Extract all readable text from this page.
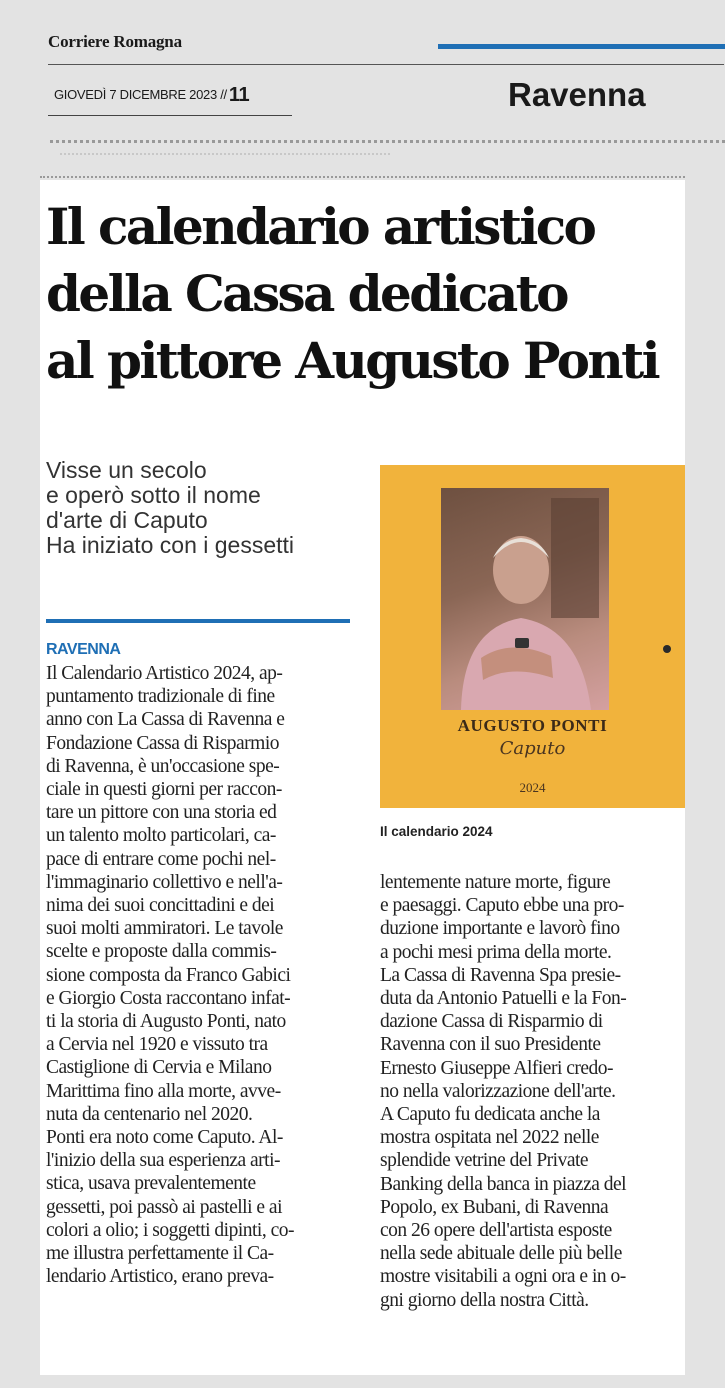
Corriere Romagna
GIOVEDÌ 7 DICEMBRE 2023 // 11	Ravenna
Il calendario artistico
della Cassa dedicato
al pittore Augusto Ponti
Visse un secolo
e operò sotto il nome
d'arte di Caputo
Ha iniziato con i gessetti
RAVENNA
Il Calendario Artistico 2024, ap-
puntamento tradizionale di fine
anno con La Cassa di Ravenna e
Fondazione Cassa di Risparmio
di Ravenna, è un'occasione spe-
ciale in questi giorni per raccon-
tare un pittore con una storia ed
un talento molto particolari, ca-
pace di entrare come pochi nel-
l'immaginario collettivo e nell'a-
nima dei suoi concittadini e dei
suoi molti ammiratori. Le tavole
scelte e proposte dalla commis-
sione composta da Franco Gabici
e Giorgio Costa raccontano infat-
ti la storia di Augusto Ponti, nato
a Cervia nel 1920 e vissuto tra
Castiglione di Cervia e Milano
Marittima fino alla morte, avve-
nuta da centenario nel 2020.
Ponti era noto come Caputo. Al-
l'inizio della sua esperienza arti-
stica, usava prevalentemente
gessetti, poi passò ai pastelli e ai
colori a olio; i soggetti dipinti, co-
me illustra perfettamente il Ca-
lendario Artistico, erano preva-
lentemente nature morte, figure
e paesaggi. Caputo ebbe una pro-
duzione importante e lavorò fino
a pochi mesi prima della morte.
La Cassa di Ravenna Spa presie-
duta da Antonio Patuelli e la Fon-
dazione Cassa di Risparmio di
Ravenna con il suo Presidente
Ernesto Giuseppe Alfieri credo-
no nella valorizzazione dell'arte.
A Caputo fu dedicata anche la
mostra ospitata nel 2022 nelle
splendide vetrine del Private
Banking della banca in piazza del
Popolo, ex Bubani, di Ravenna
con 26 opere dell'artista esposte
nella sede abituale delle più belle
mostre visitabili a ogni ora e in o-
gni giorno della nostra Città.
AUGUSTO PONTI
Caputo
2024
Il calendario 2024
